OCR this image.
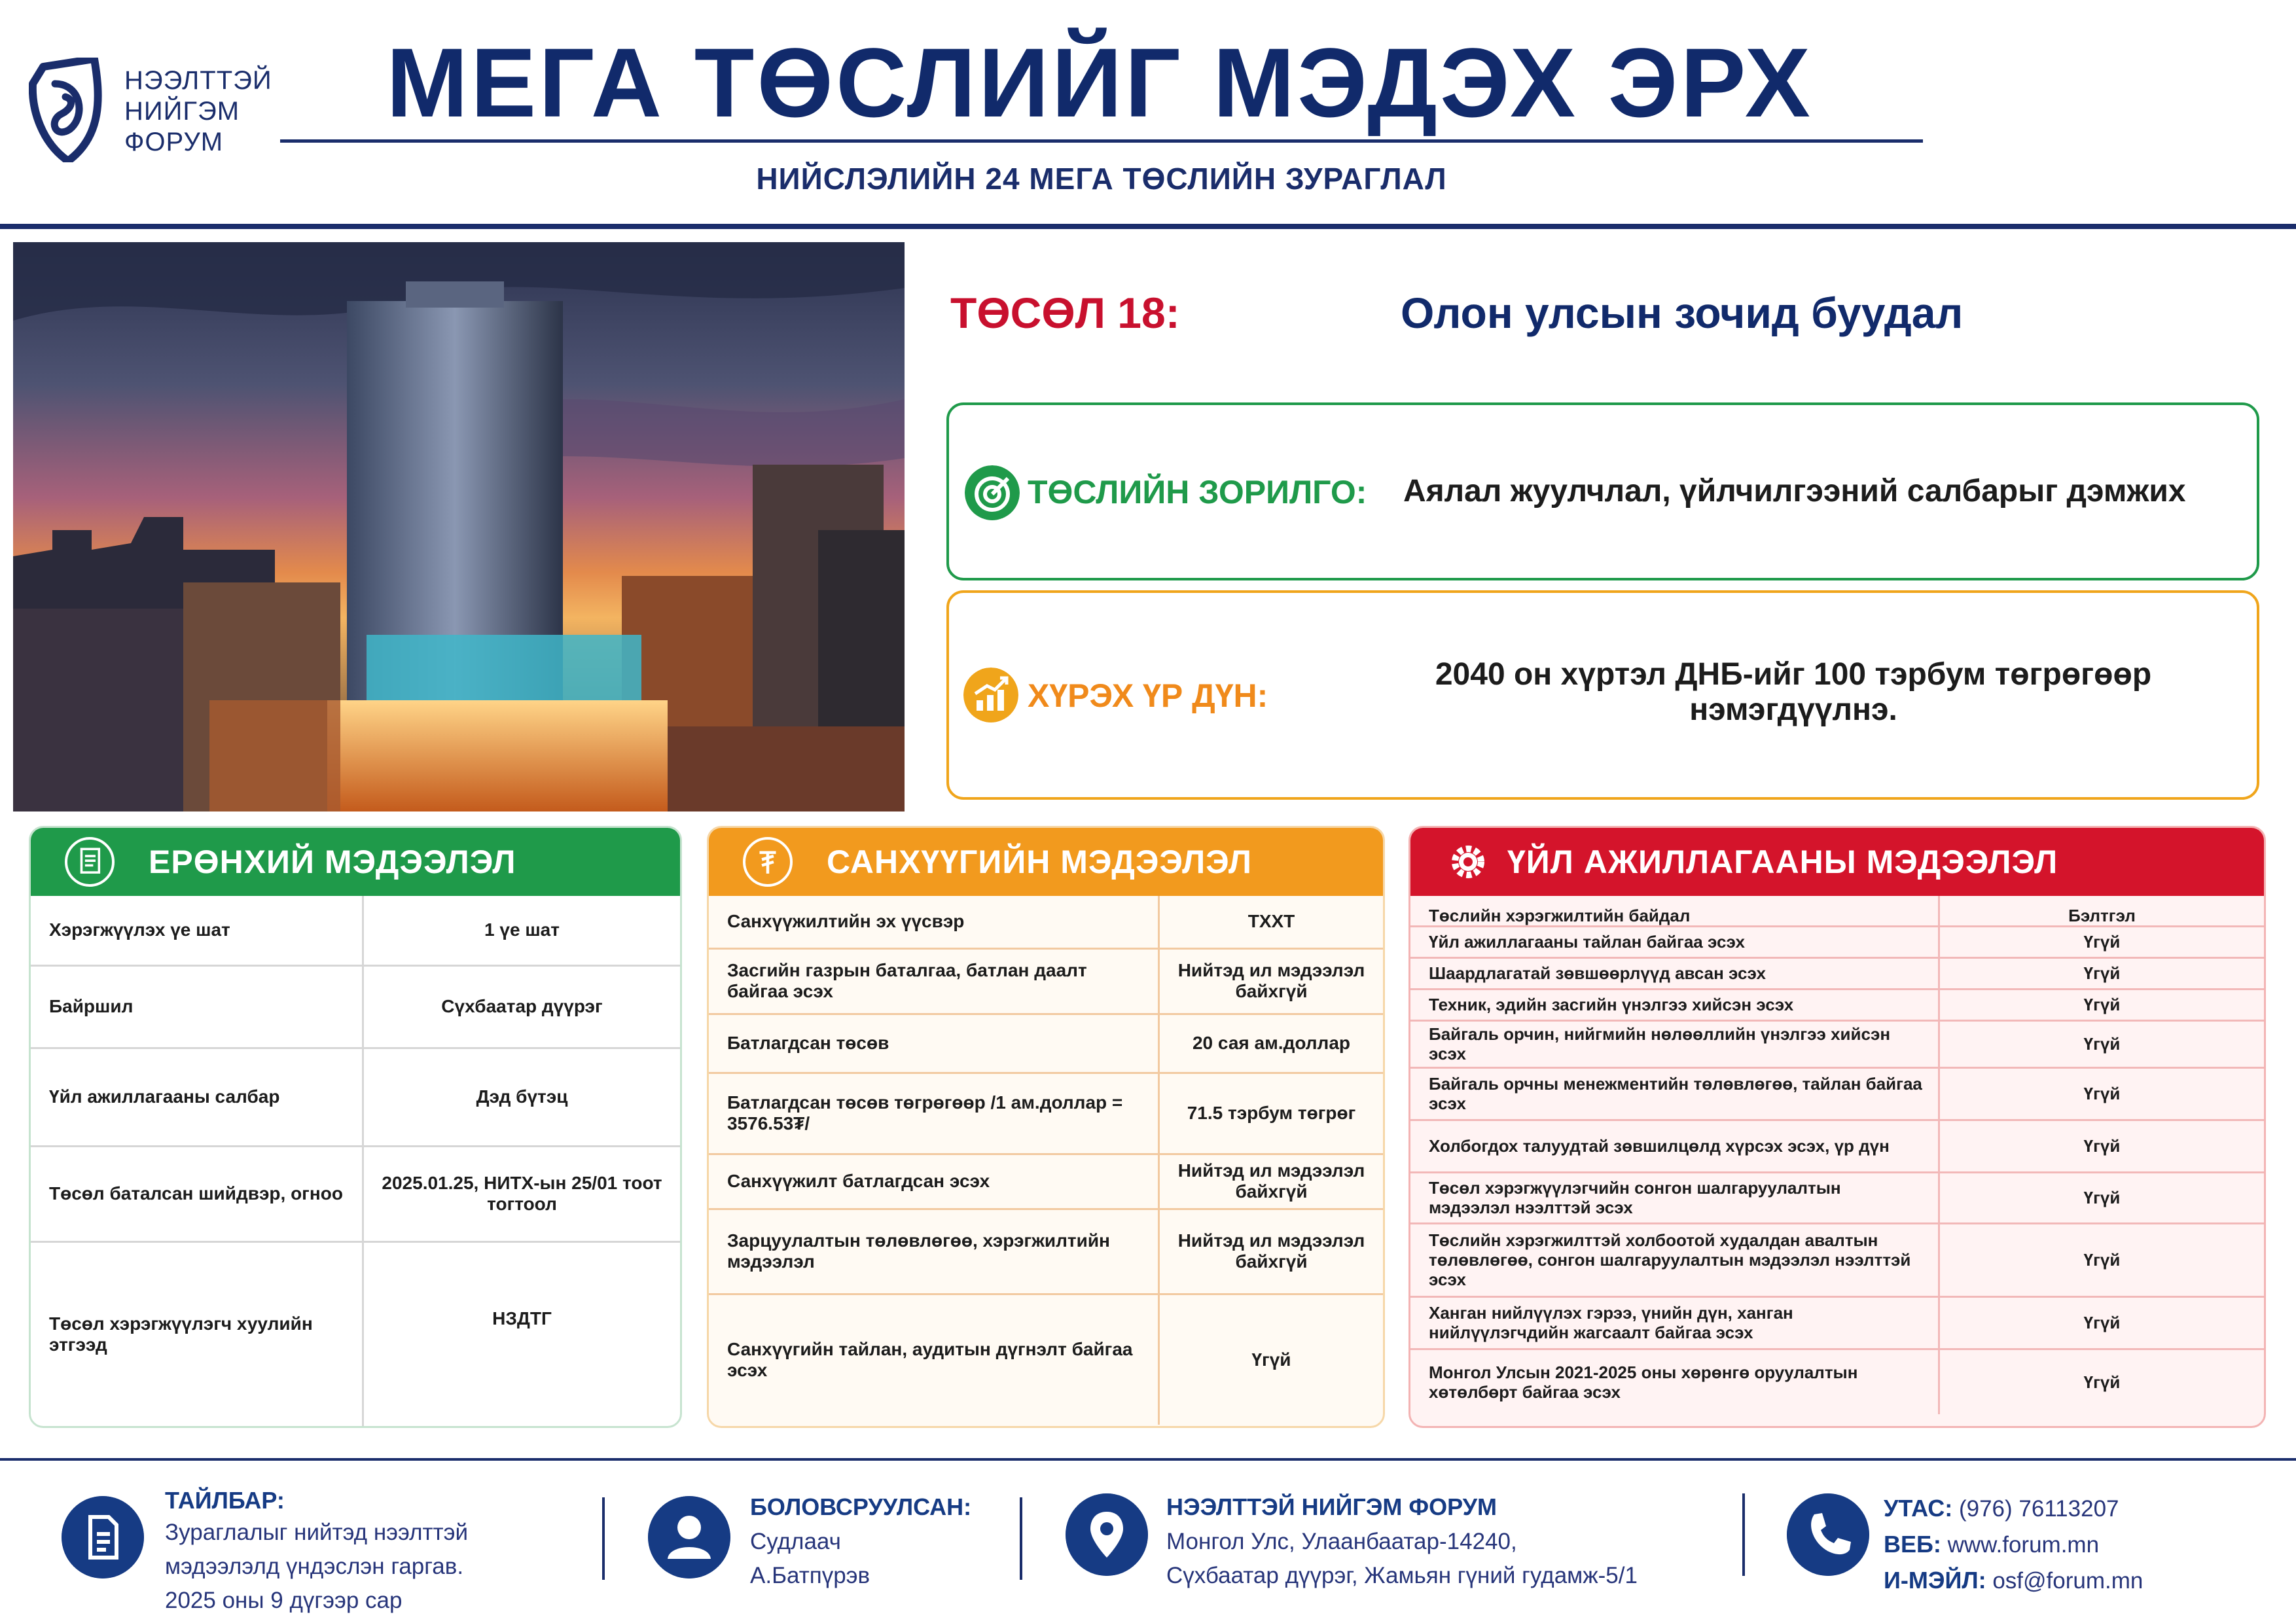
НЭЭЛТТЭЙ
НИЙГЭМ
ФОРУМ
МЕГА ТӨСЛИЙГ МЭДЭХ ЭРХ
НИЙСЛЭЛИЙН 24 МЕГА ТӨСЛИЙН ЗУРАГЛАЛ
ТӨСӨЛ 18:	Олон улсын зочид буудал
ТӨСЛИЙН ЗОРИЛГО: Аялал жуулчлал, үйлчилгээний салбарыг дэмжих
ХҮРЭХ ҮР ДҮН:
2040 он хүртэл ДНБ-ийг 100 тэрбум төгрөгөөр нэмэгдүүлнэ.
ЕРӨНХИЙ МЭДЭЭЛЭЛ
Хэрэгжүүлэх үе шат	1 үе шат
Байршил	Сүхбаатар дүүрэг
Үйл ажиллагааны салбар	Дэд бүтэц
Төсөл баталсан шийдвэр, огноо	2025.01.25, НИТХ-ын 25/01 тоот тогтоол
Төсөл хэрэгжүүлэгч хуулийн этгээд	НЗДТГ
САНХҮҮГИЙН МЭДЭЭЛЭЛ
Санхүүжилтийн эх үүсвэр	ТХХТ
Засгийн газрын баталгаа, батлан даалт байгаа эсэх	Нийтэд ил мэдээлэл байхгүй
Батлагдсан төсөв	20 сая ам.доллар
Батлагдсан төсөв төгрөгөөр /1 ам.доллар = 3576.53₮/	71.5 тэрбум төгрөг
Санхүүжилт батлагдсан эсэх	Нийтэд ил мэдээлэл байхгүй
Зарцуулалтын төлөвлөгөө, хэрэгжилтийн мэдээлэл	Нийтэд ил мэдээлэл байхгүй
Санхүүгийн тайлан, аудитын дүгнэлт байгаа эсэх	Үгүй
ҮЙЛ АЖИЛЛАГААНЫ МЭДЭЭЛЭЛ
Төслийн хэрэгжилтийн байдал	Бэлтгэл
Үйл ажиллагааны тайлан байгаа эсэх	Үгүй
Шаардлагатай зөвшөөрлүүд авсан эсэх	Үгүй
Техник, эдийн засгийн үнэлгээ хийсэн эсэх	Үгүй
Байгаль орчин, нийгмийн нөлөөллийн үнэлгээ хийсэн эсэх	Үгүй
Байгаль орчны менежментийн төлөвлөгөө, тайлан байгаа эсэх	Үгүй
Холбогдох талуудтай зөвшилцөлд хүрсэх эсэх, үр дүн	Үгүй
Төсөл хэрэгжүүлэгчийн сонгон шалгаруулалтын мэдээлэл нээлттэй эсэх	Үгүй
Төслийн хэрэгжилттэй холбоотой худалдан авалтын төлөвлөгөө, сонгон шалгаруулалтын мэдээлэл нээлттэй эсэх	Үгүй
Ханган нийлүүлэх гэрээ, үнийн дүн, ханган нийлүүлэгчдийн жагсаалт байгаа эсэх	Үгүй
Монгол Улсын 2021-2025 оны хөрөнгө оруулалтын хөтөлбөрт байгаа эсэх	Үгүй
ТАЙЛБАР:
Зураглалыг нийтэд нээлттэй
мэдээлэлд үндэслэн гаргав.
2025 оны 9 дүгээр сар
БОЛОВСРУУЛСАН:
Судлаач
А.Батпүрэв
НЭЭЛТТЭЙ НИЙГЭМ ФОРУМ
Монгол Улс, Улаанбаатар-14240,
Сүхбаатар дүүрэг, Жамьян гүний гудамж-5/1
УТАС: (976) 76113207
ВЕБ: www.forum.mn
И-МЭЙЛ: osf@forum.mn
